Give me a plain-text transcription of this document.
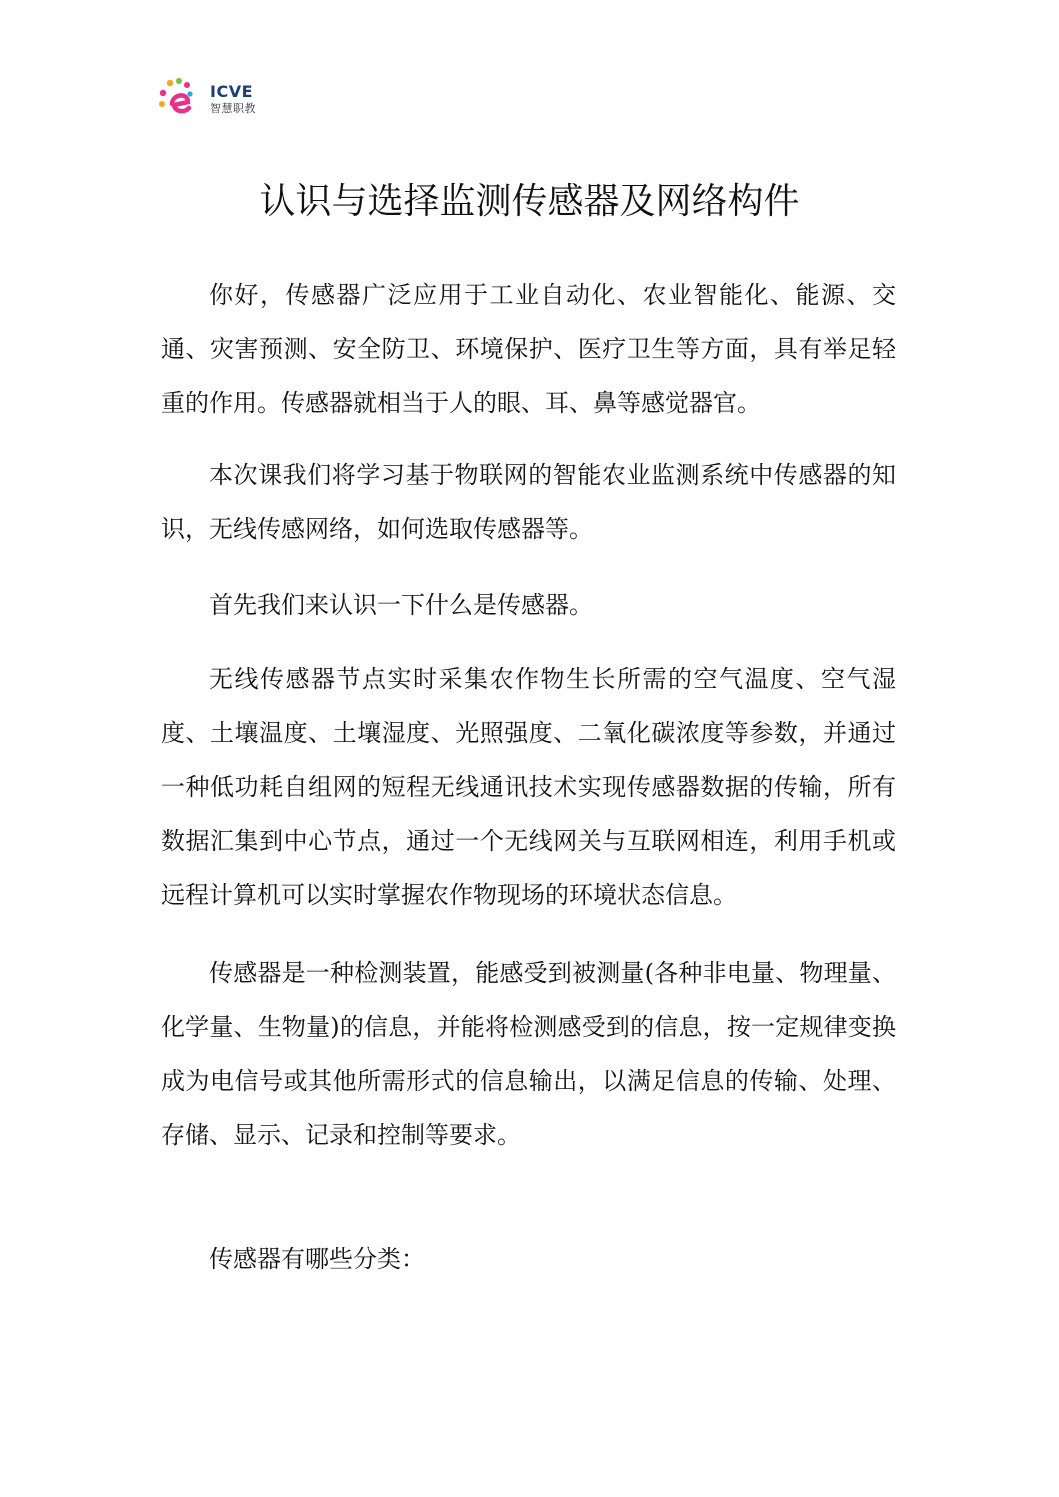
ICVE
智慧职教
认识与选择监测传感器及网络构件

你好，传感器广泛应用于工业自动化、农业智能化、能源、交通、灾害预测、安全防卫、环境保护、医疗卫生等方面，具有举足轻重的作用。传感器就相当于人的眼、耳、鼻等感觉器官。

本次课我们将学习基于物联网的智能农业监测系统中传感器的知识，无线传感网络，如何选取传感器等。

首先我们来认识一下什么是传感器。

无线传感器节点实时采集农作物生长所需的空气温度、空气湿度、土壤温度、土壤湿度、光照强度、二氧化碳浓度等参数，并通过一种低功耗自组网的短程无线通讯技术实现传感器数据的传输，所有数据汇集到中心节点，通过一个无线网关与互联网相连，利用手机或远程计算机可以实时掌握农作物现场的环境状态信息。

传感器是一种检测装置，能感受到被测量(各种非电量、物理量、化学量、生物量)的信息，并能将检测感受到的信息，按一定规律变换成为电信号或其他所需形式的信息输出，以满足信息的传输、处理、存储、显示、记录和控制等要求。

传感器有哪些分类：
